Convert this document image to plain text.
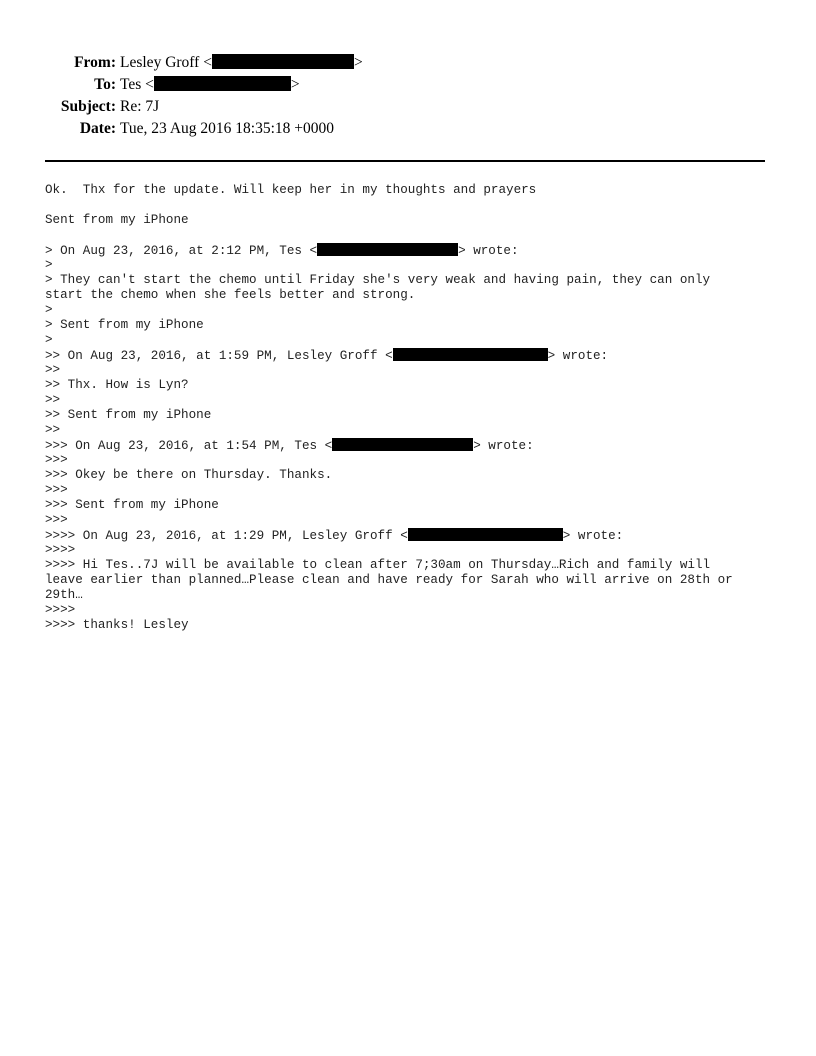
From: Lesley Groff <	>
To: Tes <	>
Subject: Re: 7J
Date: Tue, 23 Aug 2016 18:35:18 +0000
Ok.  Thx for the update. Will keep her in my thoughts and prayers
Sent from my iPhone
> On Aug 23, 2016, at 2:12 PM, Tes <	> wrote:
>
> They can't start the chemo until Friday she's very weak and having pain, they can only
start the chemo when she feels better and strong.
>
> Sent from my iPhone
>
>> On Aug 23, 2016, at 1:59 PM, Lesley Groff <	> wrote:
>>
>> Thx. How is Lyn?
>>
>> Sent from my iPhone
>>
>>> On Aug 23, 2016, at 1:54 PM, Tes <	> wrote:
>>>
>>> Okey be there on Thursday. Thanks.
>>>
>>> Sent from my iPhone
>>>
>>>> On Aug 23, 2016, at 1:29 PM, Lesley Groff <	> wrote:
>>>>
>>>> Hi Tes..7J will be available to clean after 7;30am on Thursday…Rich and family will
leave earlier than planned…Please clean and have ready for Sarah who will arrive on 28th or
29th…
>>>>
>>>> thanks! Lesley
